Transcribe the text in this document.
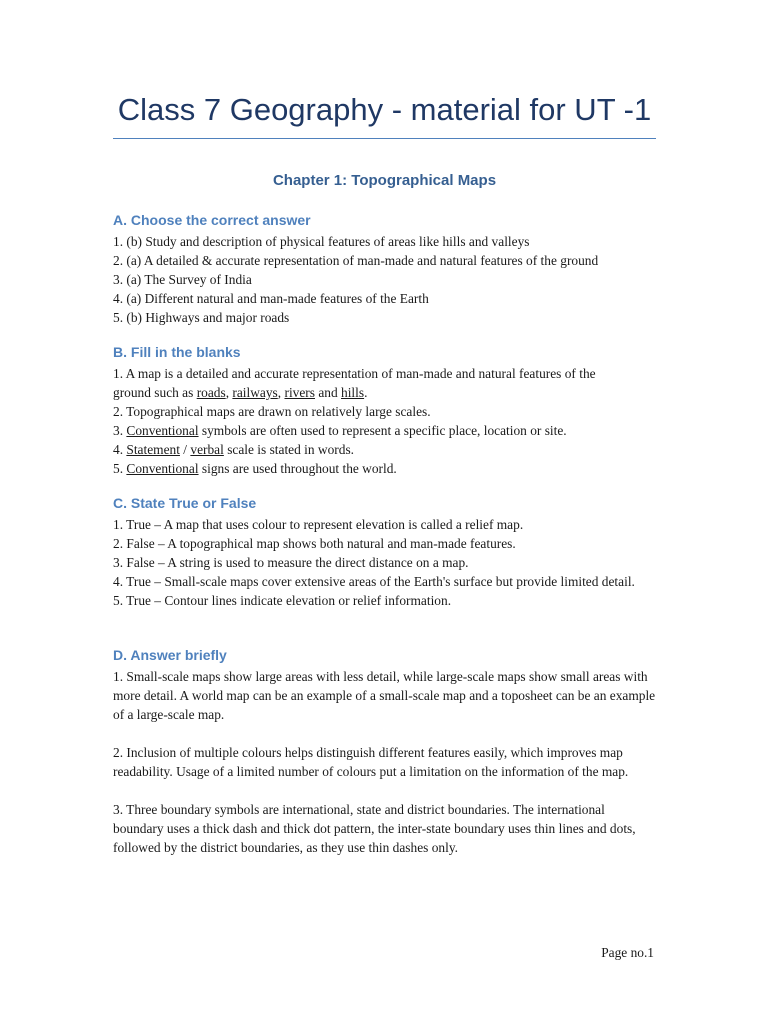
Class 7 Geography - material for UT -1
Chapter 1: Topographical Maps
A. Choose the correct answer
1. (b) Study and description of physical features of areas like hills and valleys
2. (a) A detailed & accurate representation of man-made and natural features of the ground
3. (a) The Survey of India
4. (a) Different natural and man-made features of the Earth
5. (b) Highways and major roads
B. Fill in the blanks
1. A map is a detailed and accurate representation of man-made and natural features of the
ground such as roads, railways, rivers and hills.
2. Topographical maps are drawn on relatively large scales.
3. Conventional symbols are often used to represent a specific place, location or site.
4. Statement / verbal scale is stated in words.
5. Conventional signs are used throughout the world.
C. State True or False
1. True – A map that uses colour to represent elevation is called a relief map.
2. False – A topographical map shows both natural and man-made features.
3. False – A string is used to measure the direct distance on a map.
4. True – Small-scale maps cover extensive areas of the Earth's surface but provide limited detail.
5. True – Contour lines indicate elevation or relief information.
D. Answer briefly
1. Small-scale maps show large areas with less detail, while large-scale maps show small areas with more detail. A world map can be an example of a small-scale map and a toposheet can be an example of a large-scale map.
2. Inclusion of multiple colours helps distinguish different features easily, which improves map readability. Usage of a limited number of colours put a limitation on the information of the map.
3. Three boundary symbols are international, state and district boundaries. The international boundary uses a thick dash and thick dot pattern, the inter-state boundary uses thin lines and dots, followed by the district boundaries, as they use thin dashes only.
Page no.1
